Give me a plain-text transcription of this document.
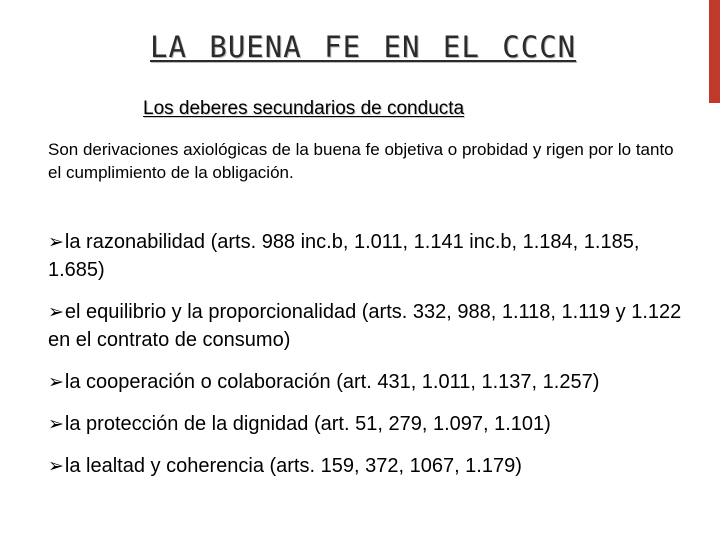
LA BUENA FE EN EL CCCN

Los deberes secundarios de conducta

Son derivaciones axiológicas de la buena fe objetiva o probidad y rigen por lo tanto el cumplimiento de la obligación.

➢la razonabilidad (arts. 988 inc.b, 1.011, 1.141 inc.b, 1.184, 1.185, 1.685)
➢el equilibrio y la proporcionalidad (arts. 332, 988, 1.118, 1.119 y 1.122 en el contrato de consumo)
➢la cooperación o colaboración (art. 431, 1.011, 1.137, 1.257)
➢la protección de la dignidad (art. 51, 279, 1.097, 1.101)
➢la lealtad y coherencia (arts. 159, 372, 1067, 1.179)
